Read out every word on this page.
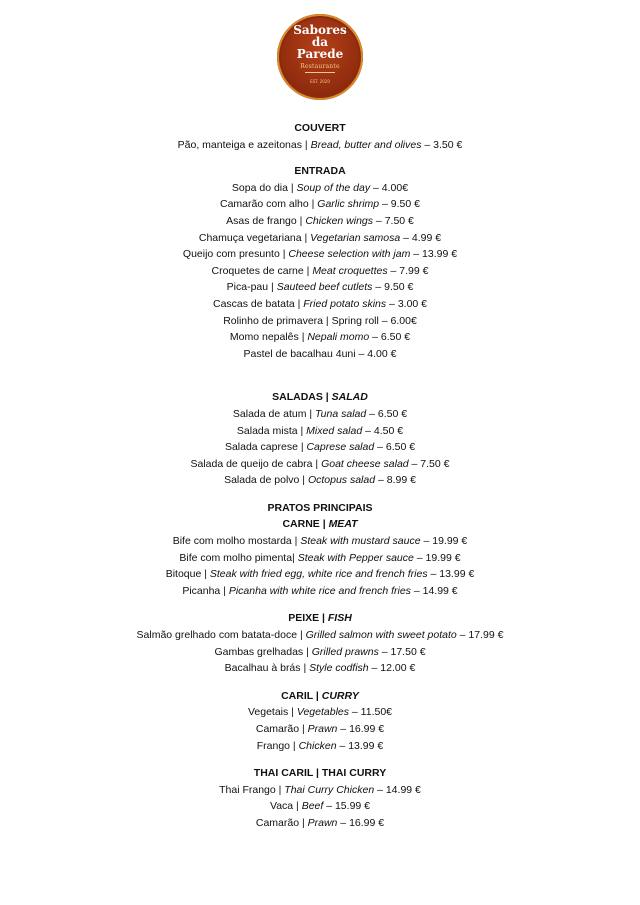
Sabores
da
Parede
Restaurante
EST. 2020
COUVERT
Pão, manteiga e azeitonas | Bread, butter and olives – 3.50 €
ENTRADA
Sopa do dia | Soup of the day – 4.00€
Camarão com alho | Garlic shrimp – 9.50 €
Asas de frango | Chicken wings – 7.50 €
Chamuça vegetariana | Vegetarian samosa – 4.99 €
Queijo com presunto | Cheese selection with jam – 13.99 €
Croquetes de carne | Meat croquettes – 7.99 €
Pica-pau | Sauteed beef cutlets – 9.50 €
Cascas de batata | Fried potato skins – 3.00 €
Rolinho de primavera | Spring roll – 6.00€
Momo nepalês | Nepali momo – 6.50 €
Pastel de bacalhau 4uni – 4.00 €
SALADAS | SALAD
Salada de atum | Tuna salad – 6.50 €
Salada mista | Mixed salad – 4.50 €
Salada caprese | Caprese salad – 6.50 €
Salada de queijo de cabra | Goat cheese salad – 7.50 €
Salada de polvo | Octopus salad – 8.99 €
PRATOS PRINCIPAIS
CARNE | MEAT
Bife com molho mostarda | Steak with mustard sauce – 19.99 €
Bife com molho pimenta| Steak with Pepper sauce – 19.99 €
Bitoque | Steak with fried egg, white rice and french fries – 13.99 €
Picanha | Picanha with white rice and french fries – 14.99 €
PEIXE | FISH
Salmão grelhado com batata-doce | Grilled salmon with sweet potato – 17.99 €
Gambas grelhadas | Grilled prawns – 17.50 €
Bacalhau à brás | Style codfish – 12.00 €
CARIL | CURRY
Vegetais | Vegetables – 11.50€
Camarão | Prawn – 16.99 €
Frango | Chicken – 13.99 €
THAI CARIL | THAI CURRY
Thai Frango | Thai Curry Chicken – 14.99 €
Vaca | Beef – 15.99 €
Camarão | Prawn – 16.99 €
